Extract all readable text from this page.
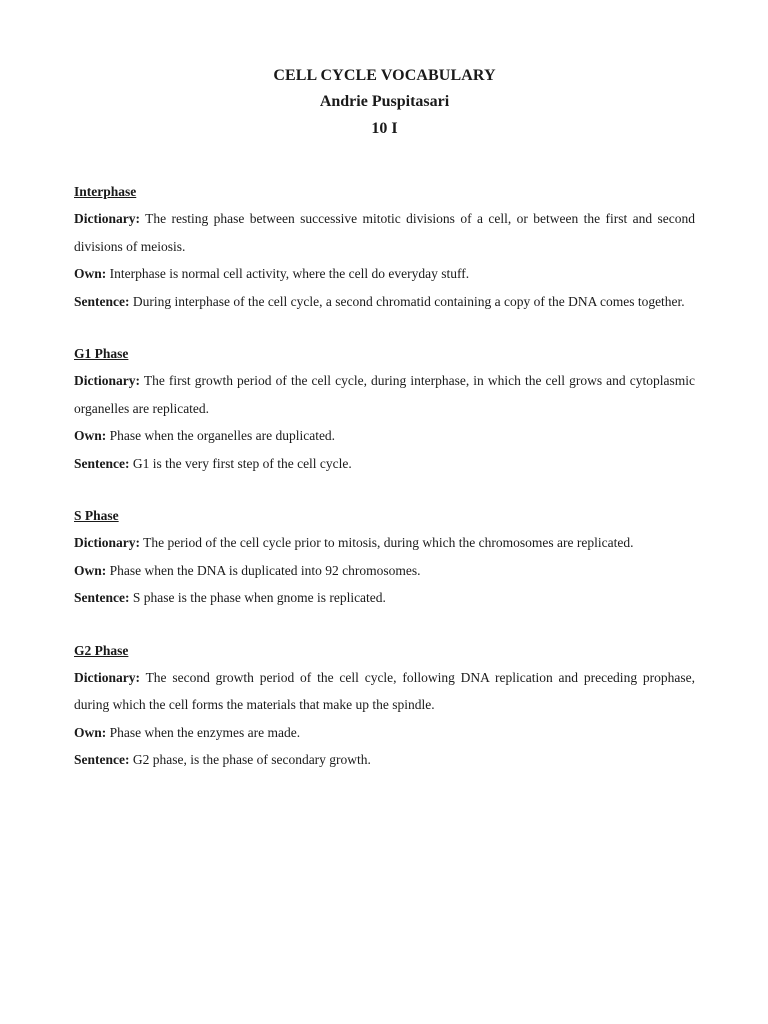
CELL CYCLE VOCABULARY
Andrie Puspitasari
10 I
Interphase

Dictionary: The resting phase between successive mitotic divisions of a cell, or between the first and second divisions of meiosis.

Own: Interphase is normal cell activity, where the cell do everyday stuff.

Sentence: During interphase of the cell cycle, a second chromatid containing a copy of the DNA comes together.

G1 Phase

Dictionary: The first growth period of the cell cycle, during interphase, in which the cell grows and cytoplasmic organelles are replicated.

Own: Phase when the organelles are duplicated.

Sentence: G1 is the very first step of the cell cycle.

S Phase

Dictionary: The period of the cell cycle prior to mitosis, during which the chromosomes are replicated.

Own: Phase when the DNA is duplicated into 92 chromosomes.

Sentence: S phase is the phase when gnome is replicated.

G2 Phase

Dictionary: The second growth period of the cell cycle, following DNA replication and preceding prophase, during which the cell forms the materials that make up the spindle.

Own: Phase when the enzymes are made.

Sentence: G2 phase, is the phase of secondary growth.
